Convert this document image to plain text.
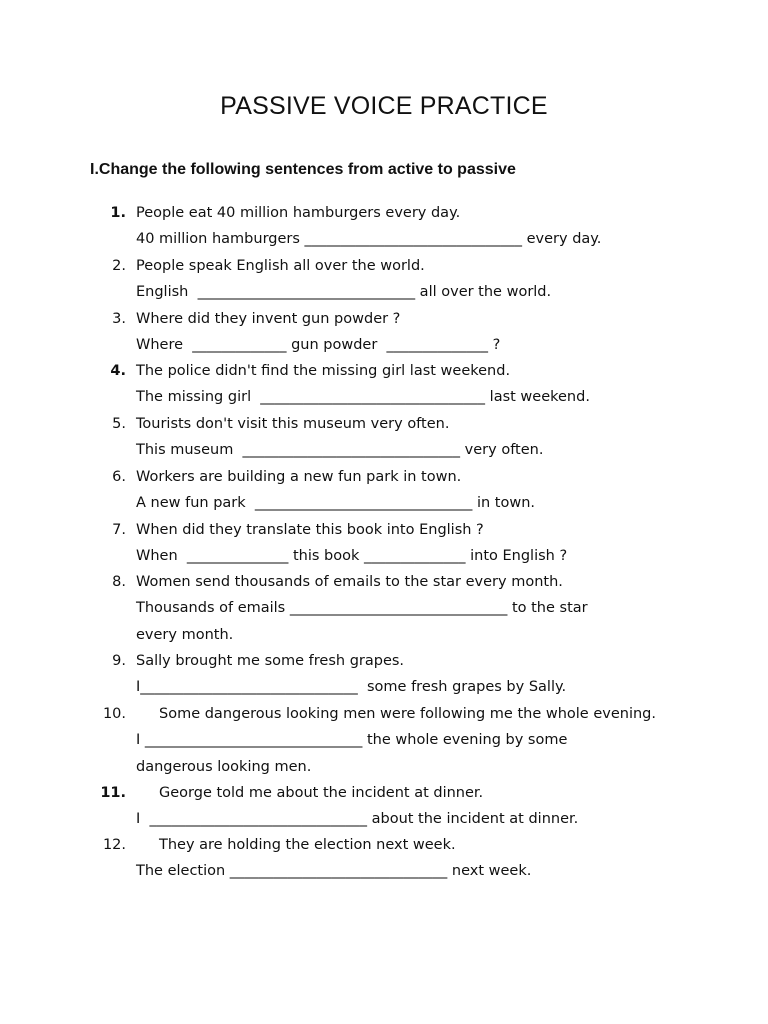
PASSIVE VOICE PRACTICE
I.Change the following sentences from active to passive
1. People eat 40 million hamburgers every day.
40 million hamburgers ______________________________ every day.
2. People speak English all over the world.
English  ______________________________ all over the world.
3. Where did they invent gun powder ?
Where  _____________ gun powder  ______________ ?
4. The police didn't find the missing girl last weekend.
The missing girl  _______________________________ last weekend.
5. Tourists don't visit this museum very often.
This museum  ______________________________ very often.
6. Workers are building a new fun park in town.
A new fun park  ______________________________ in town.
7. When did they translate this book into English ?
When  ______________ this book ______________ into English ?
8. Women send thousands of emails to the star every month.
Thousands of emails ______________________________ to the star
every month.
9. Sally brought me some fresh grapes.
I______________________________  some fresh grapes by Sally.
10. Some dangerous looking men were following me the whole evening.
I ______________________________ the whole evening by some
dangerous looking men.
11. George told me about the incident at dinner.
I  ______________________________ about the incident at dinner.
12. They are holding the election next week.
The election ______________________________ next week.
